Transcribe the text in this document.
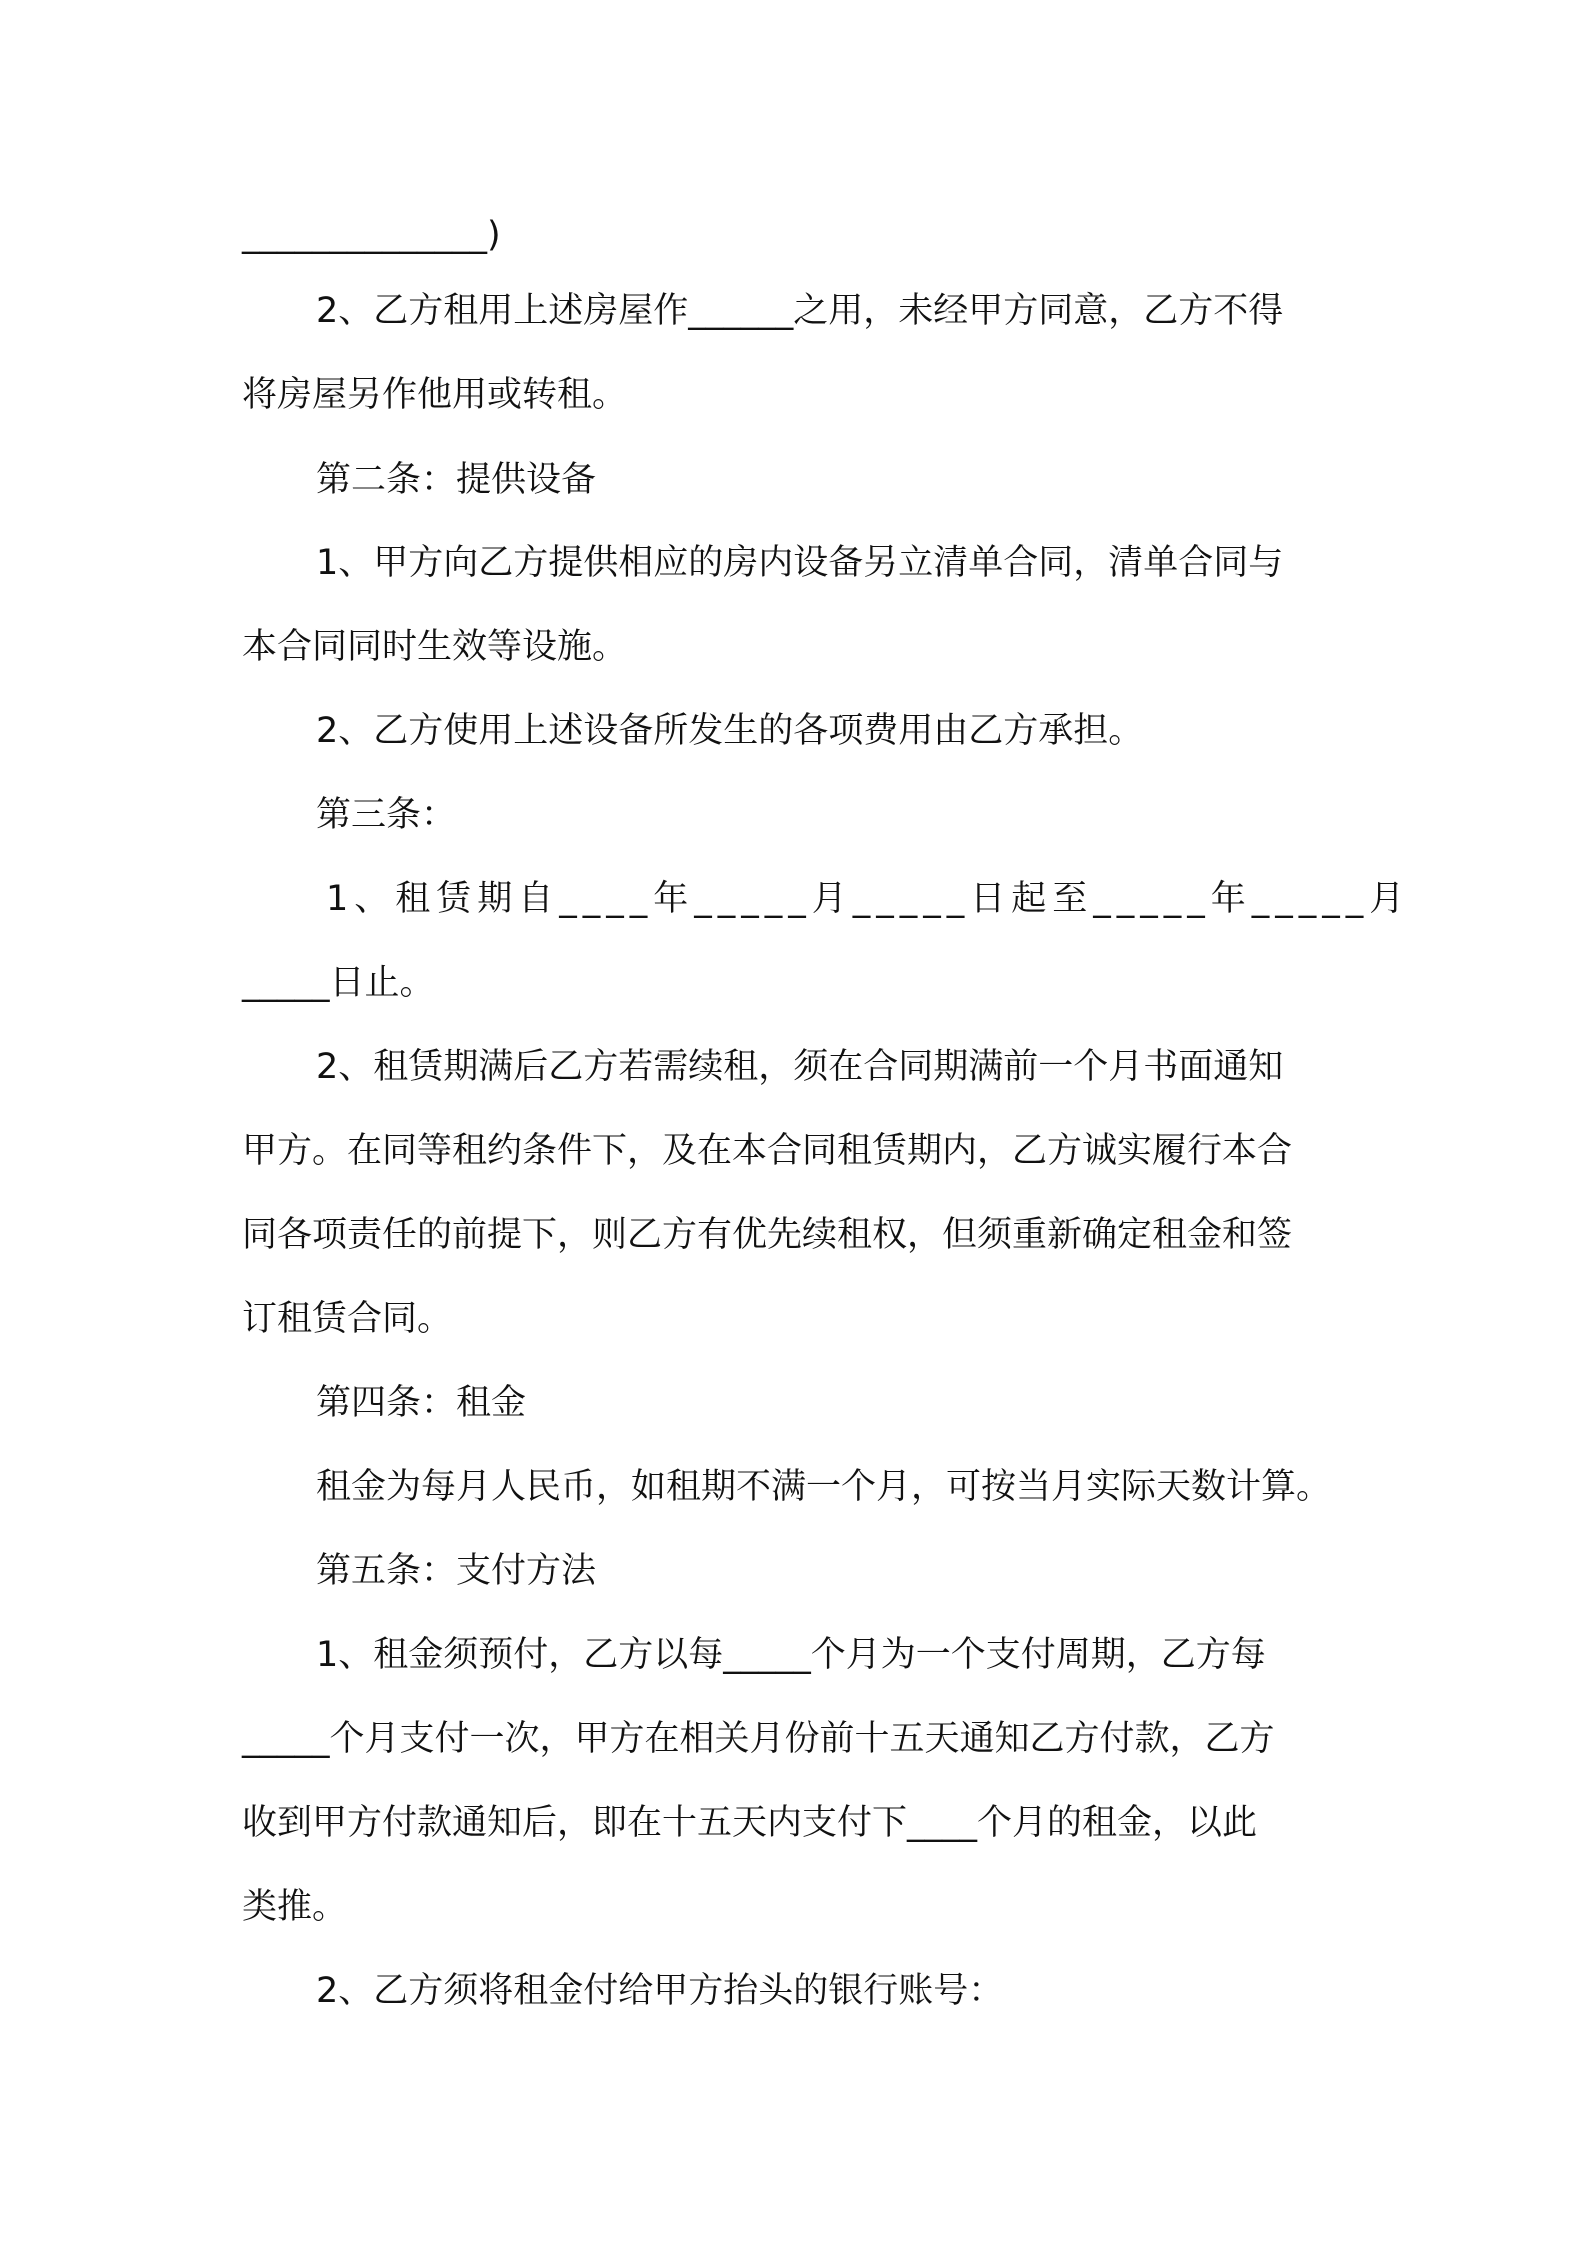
______________)
2、乙方租用上述房屋作______之用，未经甲方同意，乙方不得
将房屋另作他用或转租。
第二条：提供设备
1、甲方向乙方提供相应的房内设备另立清单合同，清单合同与
本合同同时生效等设施。
2、乙方使用上述设备所发生的各项费用由乙方承担。
第三条：
1、租赁期自____年_____月_____日起至_____年_____月
_____日止。
2、租赁期满后乙方若需续租，须在合同期满前一个月书面通知
甲方。在同等租约条件下，及在本合同租赁期内，乙方诚实履行本合
同各项责任的前提下，则乙方有优先续租权，但须重新确定租金和签
订租赁合同。
第四条：租金
租金为每月人民币，如租期不满一个月，可按当月实际天数计算。
第五条：支付方法
1、租金须预付，乙方以每_____个月为一个支付周期，乙方每
_____个月支付一次，甲方在相关月份前十五天通知乙方付款，乙方
收到甲方付款通知后，即在十五天内支付下____个月的租金，以此
类推。
2、乙方须将租金付给甲方抬头的银行账号：
